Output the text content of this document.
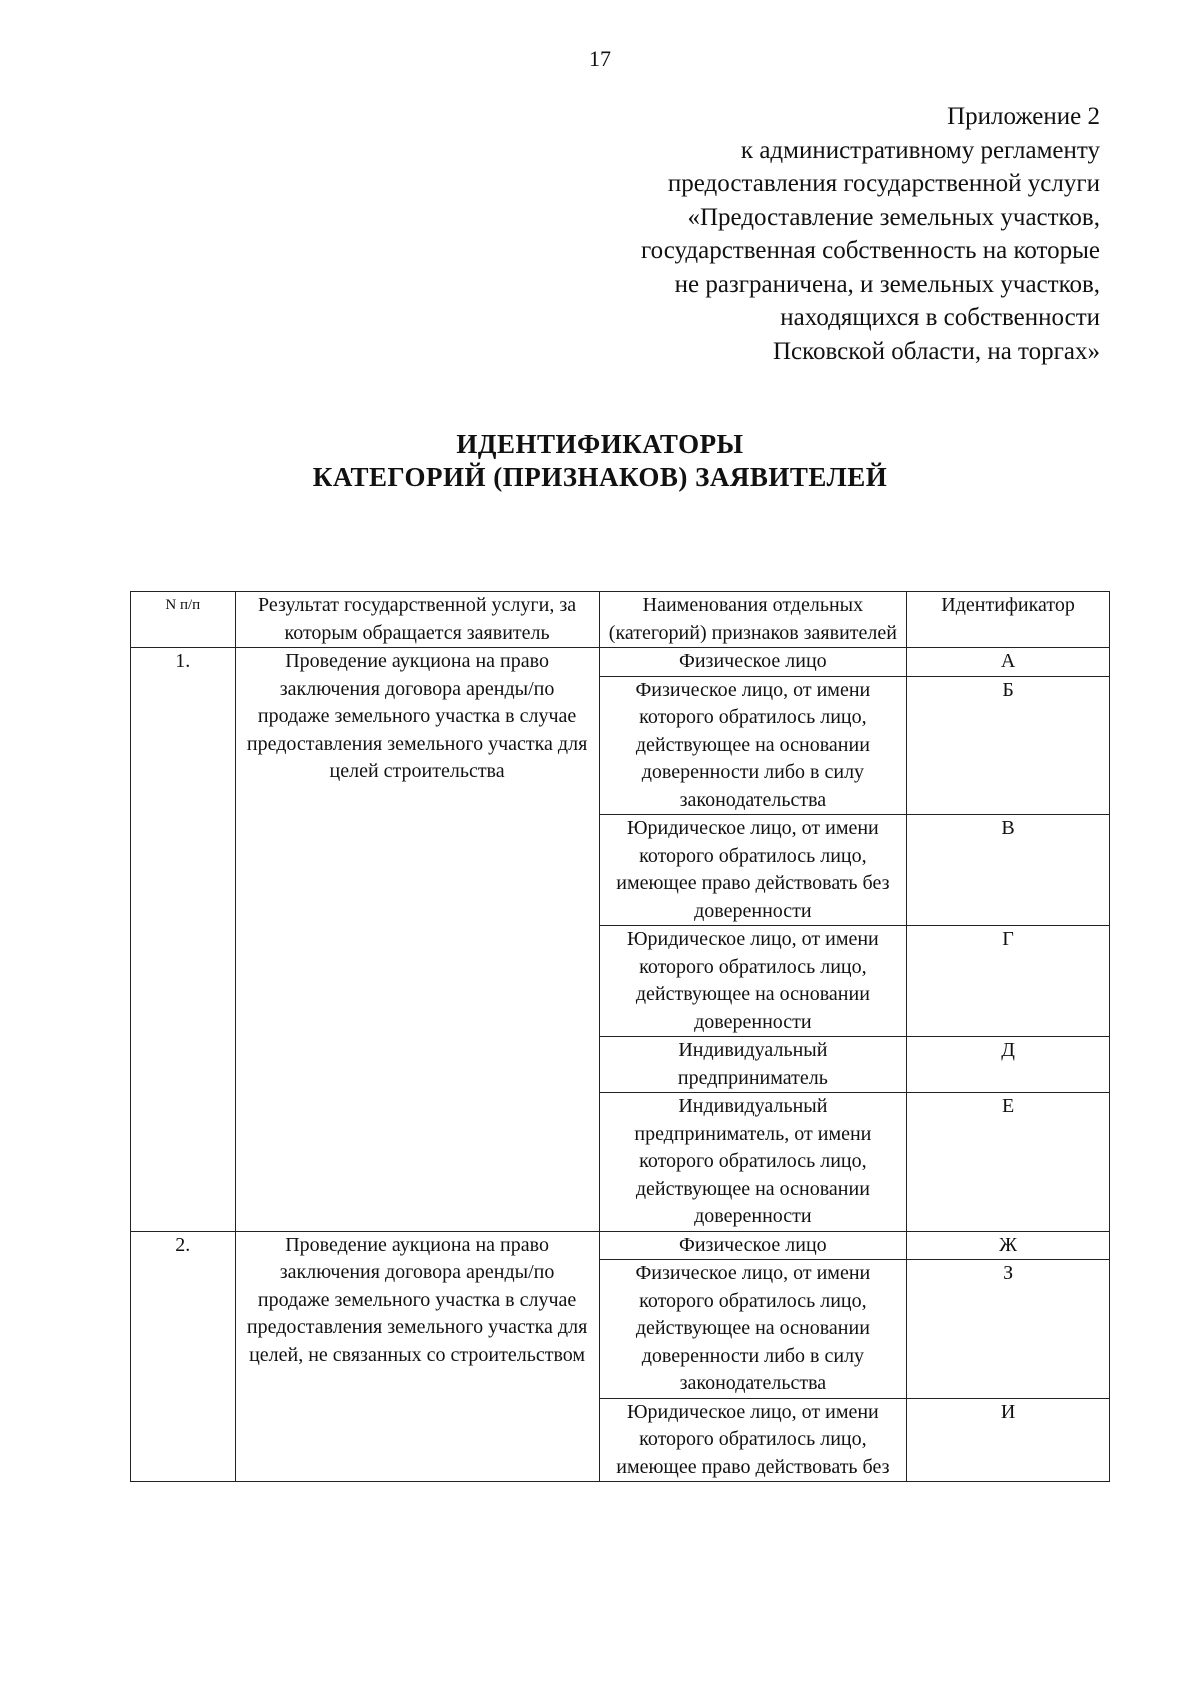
17
Приложение 2
к административному регламенту
предоставления государственной услуги
«Предоставление земельных участков,
государственная собственность на которые
не разграничена, и земельных участков,
находящихся в собственности
Псковской области, на торгах»
ИДЕНТИФИКАТОРЫ
КАТЕГОРИЙ (ПРИЗНАКОВ) ЗАЯВИТЕЛЕЙ
N п/п	Результат государственной услуги, за которым обращается заявитель	Наименования отдельных (категорий) признаков заявителей	Идентификатор
1.	Проведение аукциона на право заключения договора аренды/по продаже земельного участка в случае предоставления земельного участка для целей строительства	Физическое лицо	А
		Физическое лицо, от имени которого обратилось лицо, действующее на основании доверенности либо в силу законодательства	Б
		Юридическое лицо, от имени которого обратилось лицо, имеющее право действовать без доверенности	В
		Юридическое лицо, от имени которого обратилось лицо, действующее на основании доверенности	Г
		Индивидуальный предприниматель	Д
		Индивидуальный предприниматель, от имени которого обратилось лицо, действующее на основании доверенности	Е
2.	Проведение аукциона на право заключения договора аренды/по продаже земельного участка в случае предоставления земельного участка для целей, не связанных со строительством	Физическое лицо	Ж
		Физическое лицо, от имени которого обратилось лицо, действующее на основании доверенности либо в силу законодательства	З
		Юридическое лицо, от имени которого обратилось лицо, имеющее право действовать без	И
